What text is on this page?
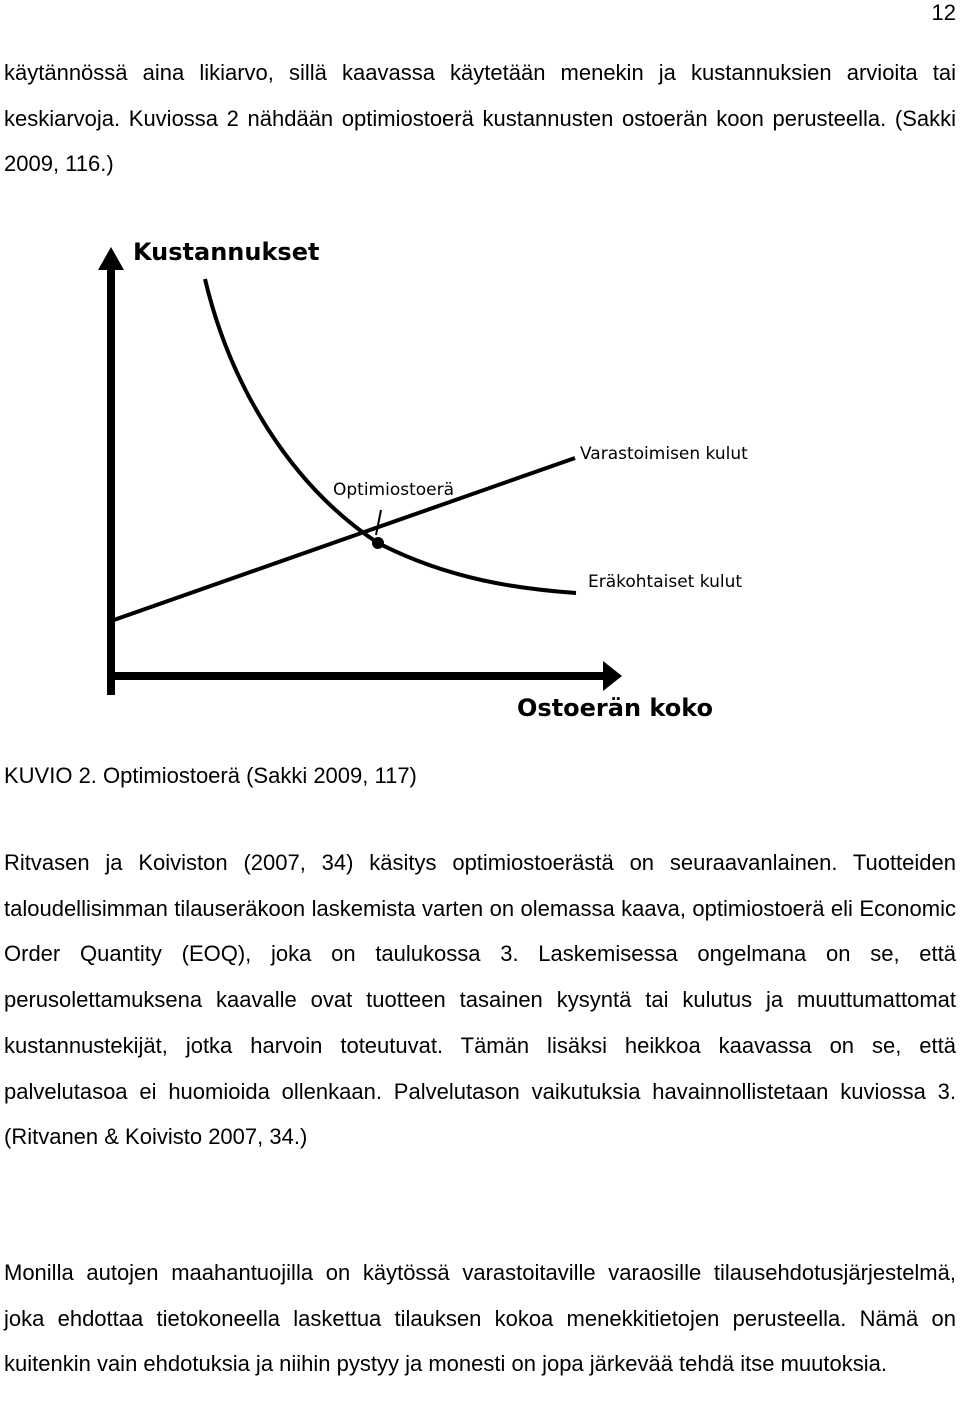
12

käytännössä aina likiarvo, sillä kaavassa käytetään menekin ja kustannuksien arvioita tai keskiarvoja. Kuviossa 2 nähdään optimiostoerä kustannusten ostoerän koon perusteella. (Sakki 2009, 116.)

Kustannukset
Ostoerän koko
Varastoimisen kulut
Eräkohtaiset kulut
Optimiostoerä

KUVIO 2. Optimiostoerä (Sakki 2009, 117)

Ritvasen ja Koiviston (2007, 34) käsitys optimiostoerästä on seuraavanlainen. Tuotteiden taloudellisimman tilauseräkoon laskemista varten on olemassa kaava, optimiostoerä eli Economic Order Quantity (EOQ), joka on taulukossa 3. Laskemisessa ongelmana on se, että perusolettamuksena kaavalle ovat tuotteen tasainen kysyntä tai kulutus ja muuttumattomat kustannustekijät, jotka harvoin toteutuvat. Tämän lisäksi heikkoa kaavassa on se, että palvelutasoa ei huomioida ollenkaan. Palvelutason vaikutuksia havainnollistetaan kuviossa 3.(Ritvanen & Koivisto 2007, 34.)

Monilla autojen maahantuojilla on käytössä varastoitaville varaosille tilausehdotusjärjestelmä, joka ehdottaa tietokoneella laskettua tilauksen kokoa menekkitietojen perusteella. Nämä on kuitenkin vain ehdotuksia ja niihin pystyy ja monesti on jopa järkevää tehdä itse muutoksia.
